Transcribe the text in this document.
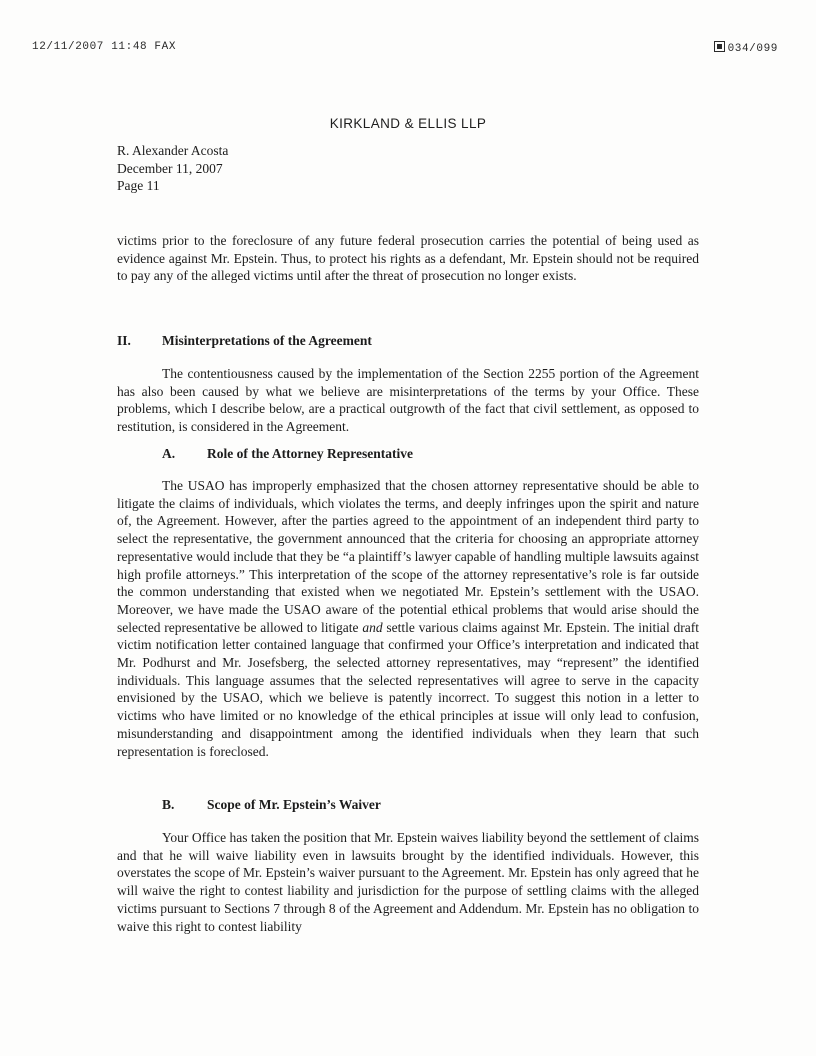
12/11/2007 11:48 FAX	034/099
KIRKLAND & ELLIS LLP
R. Alexander Acosta
December 11, 2007
Page 11

victims prior to the foreclosure of any future federal prosecution carries the potential of being used as evidence against Mr. Epstein. Thus, to protect his rights as a defendant, Mr. Epstein should not be required to pay any of the alleged victims until after the threat of prosecution no longer exists.

II. Misinterpretations of the Agreement

The contentiousness caused by the implementation of the Section 2255 portion of the Agreement has also been caused by what we believe are misinterpretations of the terms by your Office. These problems, which I describe below, are a practical outgrowth of the fact that civil settlement, as opposed to restitution, is considered in the Agreement.

A. Role of the Attorney Representative

The USAO has improperly emphasized that the chosen attorney representative should be able to litigate the claims of individuals, which violates the terms, and deeply infringes upon the spirit and nature of, the Agreement. However, after the parties agreed to the appointment of an independent third party to select the representative, the government announced that the criteria for choosing an appropriate attorney representative would include that they be “a plaintiff’s lawyer capable of handling multiple lawsuits against high profile attorneys.” This interpretation of the scope of the attorney representative’s role is far outside the common understanding that existed when we negotiated Mr. Epstein’s settlement with the USAO. Moreover, we have made the USAO aware of the potential ethical problems that would arise should the selected representative be allowed to litigate and settle various claims against Mr. Epstein. The initial draft victim notification letter contained language that confirmed your Office’s interpretation and indicated that Mr. Podhurst and Mr. Josefsberg, the selected attorney representatives, may “represent” the identified individuals. This language assumes that the selected representatives will agree to serve in the capacity envisioned by the USAO, which we believe is patently incorrect. To suggest this notion in a letter to victims who have limited or no knowledge of the ethical principles at issue will only lead to confusion, misunderstanding and disappointment among the identified individuals when they learn that such representation is foreclosed.

B. Scope of Mr. Epstein’s Waiver

Your Office has taken the position that Mr. Epstein waives liability beyond the settlement of claims and that he will waive liability even in lawsuits brought by the identified individuals. However, this overstates the scope of Mr. Epstein’s waiver pursuant to the Agreement. Mr. Epstein has only agreed that he will waive the right to contest liability and jurisdiction for the purpose of settling claims with the alleged victims pursuant to Sections 7 through 8 of the Agreement and Addendum. Mr. Epstein has no obligation to waive this right to contest liability
